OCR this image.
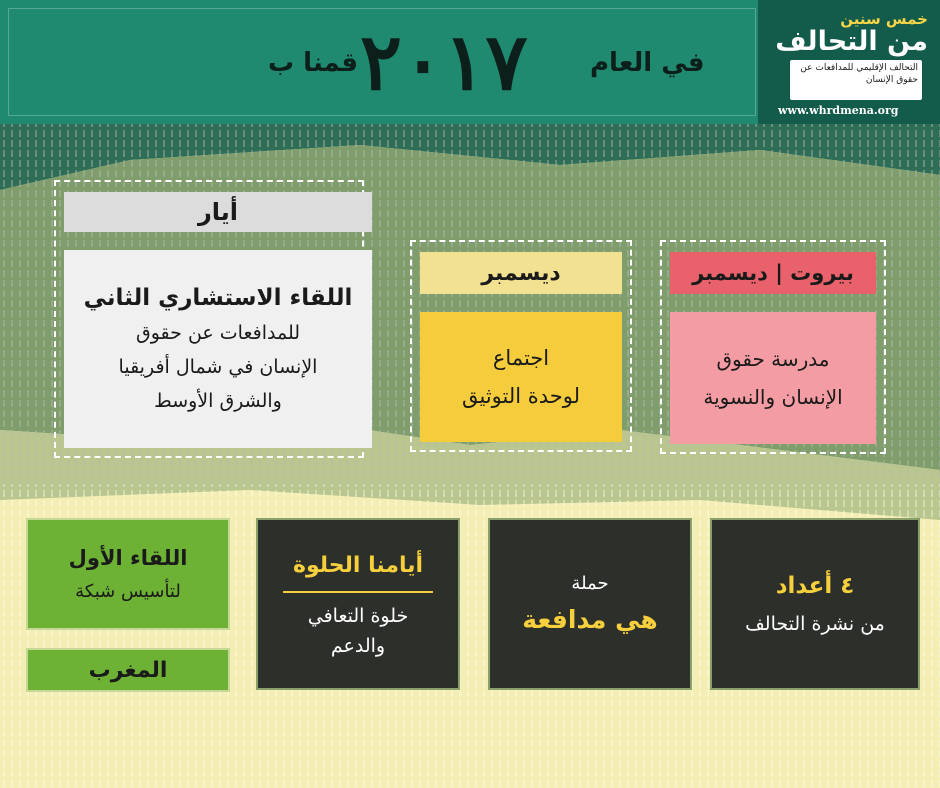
في العام
٢٠١٧
قمنا ب
خمس سنين
من التحالف
التحالف الإقليمي للمدافعات عن
حقوق الإنسان
www.whrdmena.org
أيار
اللقاء الاستشاري الثاني
للمدافعات عن حقوق
الإنسان في شمال أفريقيا
والشرق الأوسط
ديسمبر
اجتماع
لوحدة التوثيق
بيروت | ديسمبر
مدرسة حقوق
الإنسان والنسوية
٤ أعداد
من نشرة التحالف
حملة
هي مدافعة
أيامنا الحلوة
خلوة التعافي
والدعم
اللقاء الأول
لتأسيس شبكة
المغرب
